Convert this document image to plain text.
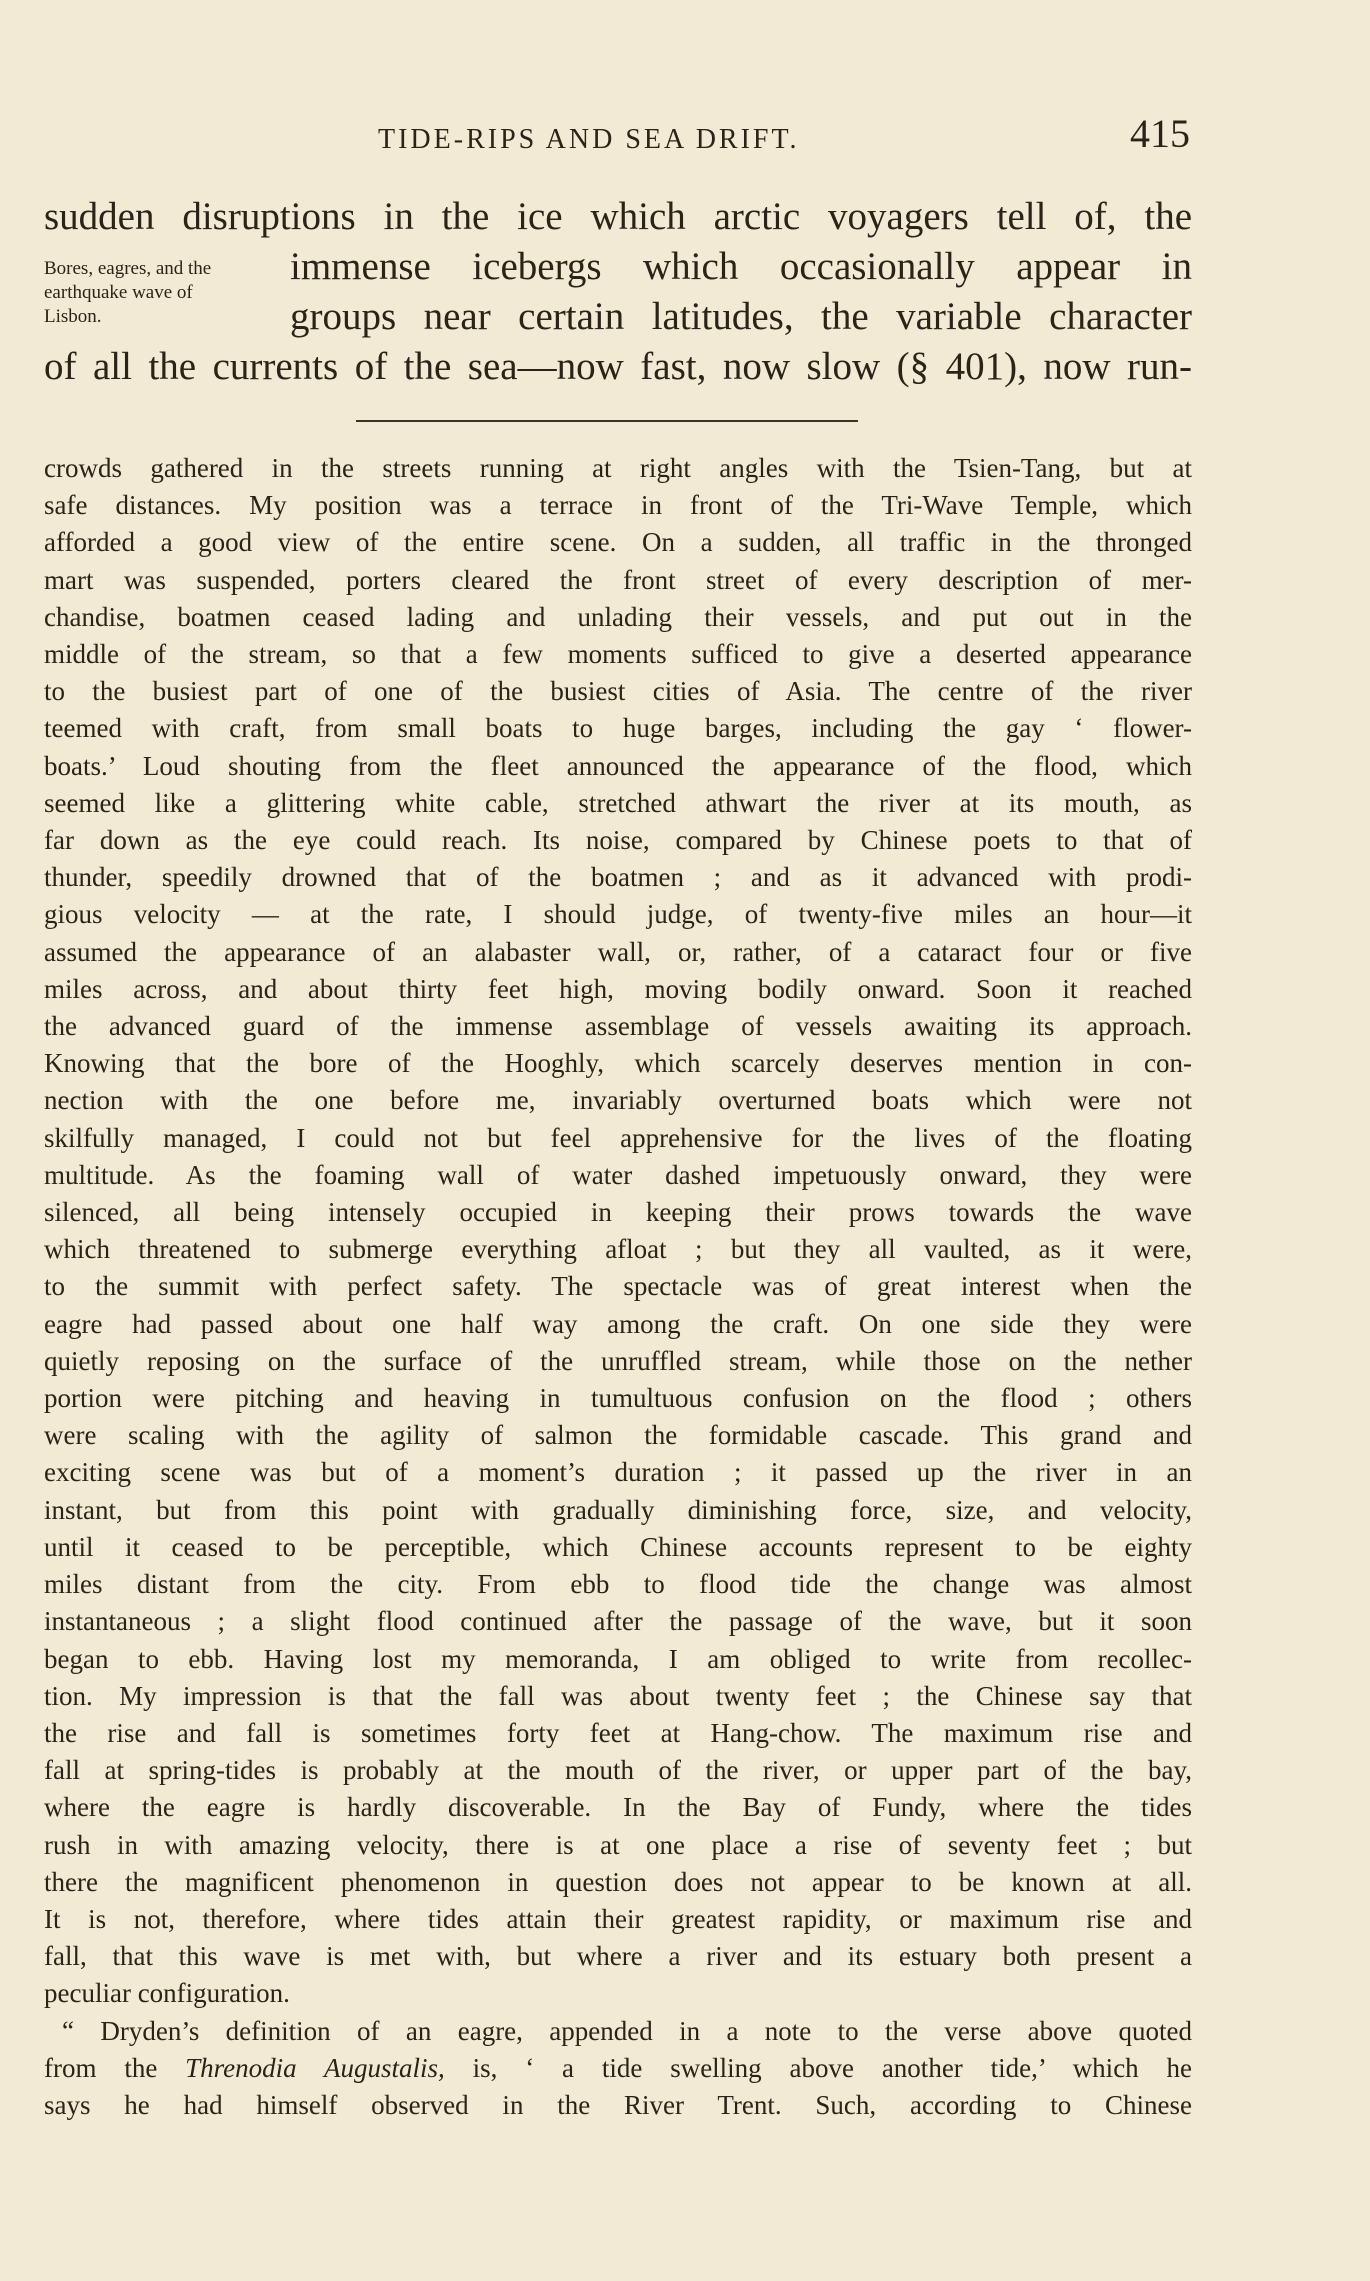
TIDE-RIPS AND SEA DRIFT.	415
sudden disruptions in the ice which arctic voyagers tell of, the
immense icebergs which occasionally appear in
groups near certain latitudes, the variable character
of all the currents of the sea—now fast, now slow (§ 401), now run-
Bores, eagres, and the
earthquake wave of
Lisbon.
crowds gathered in the streets running at right angles with the Tsien-Tang, but at
safe distances. My position was a terrace in front of the Tri-Wave Temple, which
afforded a good view of the entire scene. On a sudden, all traffic in the thronged
mart was suspended, porters cleared the front street of every description of mer-
chandise, boatmen ceased lading and unlading their vessels, and put out in the
middle of the stream, so that a few moments sufficed to give a deserted appearance
to the busiest part of one of the busiest cities of Asia. The centre of the river
teemed with craft, from small boats to huge barges, including the gay ‘ flower-
boats.’ Loud shouting from the fleet announced the appearance of the flood, which
seemed like a glittering white cable, stretched athwart the river at its mouth, as
far down as the eye could reach. Its noise, compared by Chinese poets to that of
thunder, speedily drowned that of the boatmen ; and as it advanced with prodi-
gious velocity — at the rate, I should judge, of twenty-five miles an hour—it
assumed the appearance of an alabaster wall, or, rather, of a cataract four or five
miles across, and about thirty feet high, moving bodily onward. Soon it reached
the advanced guard of the immense assemblage of vessels awaiting its approach.
Knowing that the bore of the Hooghly, which scarcely deserves mention in con-
nection with the one before me, invariably overturned boats which were not
skilfully managed, I could not but feel apprehensive for the lives of the floating
multitude. As the foaming wall of water dashed impetuously onward, they were
silenced, all being intensely occupied in keeping their prows towards the wave
which threatened to submerge everything afloat ; but they all vaulted, as it were,
to the summit with perfect safety. The spectacle was of great interest when the
eagre had passed about one half way among the craft. On one side they were
quietly reposing on the surface of the unruffled stream, while those on the nether
portion were pitching and heaving in tumultuous confusion on the flood ; others
were scaling with the agility of salmon the formidable cascade. This grand and
exciting scene was but of a moment’s duration ; it passed up the river in an
instant, but from this point with gradually diminishing force, size, and velocity,
until it ceased to be perceptible, which Chinese accounts represent to be eighty
miles distant from the city. From ebb to flood tide the change was almost
instantaneous ; a slight flood continued after the passage of the wave, but it soon
began to ebb. Having lost my memoranda, I am obliged to write from recollec-
tion. My impression is that the fall was about twenty feet ; the Chinese say that
the rise and fall is sometimes forty feet at Hang-chow. The maximum rise and
fall at spring-tides is probably at the mouth of the river, or upper part of the bay,
where the eagre is hardly discoverable. In the Bay of Fundy, where the tides
rush in with amazing velocity, there is at one place a rise of seventy feet ; but
there the magnificent phenomenon in question does not appear to be known at all.
It is not, therefore, where tides attain their greatest rapidity, or maximum rise and
fall, that this wave is met with, but where a river and its estuary both present a
peculiar configuration.
“ Dryden’s definition of an eagre, appended in a note to the verse above quoted
from the Threnodia Augustalis, is, ‘ a tide swelling above another tide,’ which he
says he had himself observed in the River Trent. Such, according to Chinese
